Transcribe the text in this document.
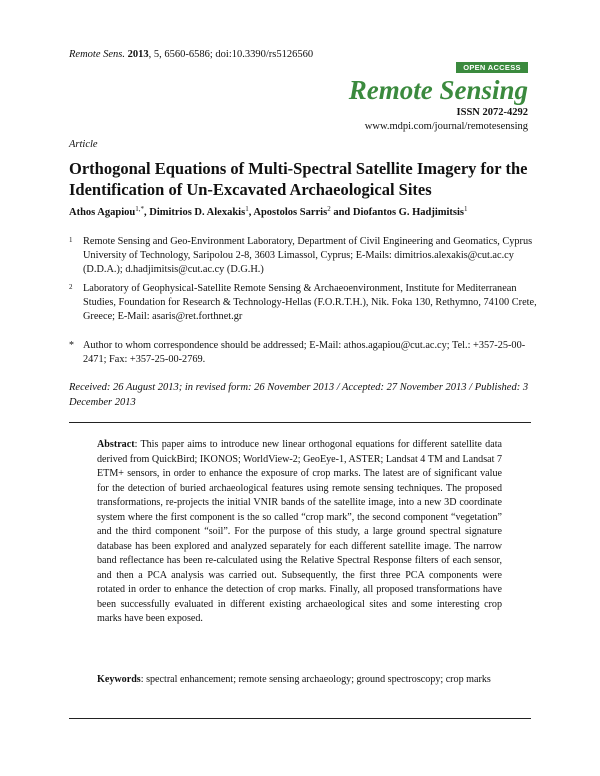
Remote Sens. 2013, 5, 6560-6586; doi:10.3390/rs5126560
OPEN ACCESS
Remote Sensing
ISSN 2072-4292
www.mdpi.com/journal/remotesensing
Article
Orthogonal Equations of Multi-Spectral Satellite Imagery for the Identification of Un-Excavated Archaeological Sites
Athos Agapiou$^{1,*}$, Dimitrios D. Alexakis$^1$, Apostolos Sarris$^2$ and Diofantos G. Hadjimitsis$^1$
1 Remote Sensing and Geo-Environment Laboratory, Department of Civil Engineering and Geomatics, Cyprus University of Technology, Saripolou 2-8, 3603 Limassol, Cyprus; E-Mails: dimitrios.alexakis@cut.ac.cy (D.D.A.); d.hadjimitsis@cut.ac.cy (D.G.H.)
2 Laboratory of Geophysical-Satellite Remote Sensing & Archaeoenvironment, Institute for Mediterranean Studies, Foundation for Research & Technology-Hellas (F.O.R.T.H.), Nik. Foka 130, Rethymno, 74100 Crete, Greece; E-Mail: asaris@ret.forthnet.gr
* Author to whom correspondence should be addressed; E-Mail: athos.agapiou@cut.ac.cy; Tel.: +357-25-00-2471; Fax: +357-25-00-2769.
Received: 26 August 2013; in revised form: 26 November 2013 / Accepted: 27 November 2013 / Published: 3 December 2013
Abstract: This paper aims to introduce new linear orthogonal equations for different satellite data derived from QuickBird; IKONOS; WorldView-2; GeoEye-1, ASTER; Landsat 4 TM and Landsat 7 ETM+ sensors, in order to enhance the exposure of crop marks. The latest are of significant value for the detection of buried archaeological features using remote sensing techniques. The proposed transformations, re-projects the initial VNIR bands of the satellite image, into a new 3D coordinate system where the first component is the so called “crop mark”, the second component “vegetation” and the third component “soil”. For the purpose of this study, a large ground spectral signature database has been explored and analyzed separately for each different satellite image. The narrow band reflectance has been re-calculated using the Relative Spectral Response filters of each sensor, and then a PCA analysis was carried out. Subsequently, the first three PCA components were rotated in order to enhance the detection of crop marks. Finally, all proposed transformations have been successfully evaluated in different existing archaeological sites and some interesting crop marks have been exposed.
Keywords: spectral enhancement; remote sensing archaeology; ground spectroscopy; crop marks
